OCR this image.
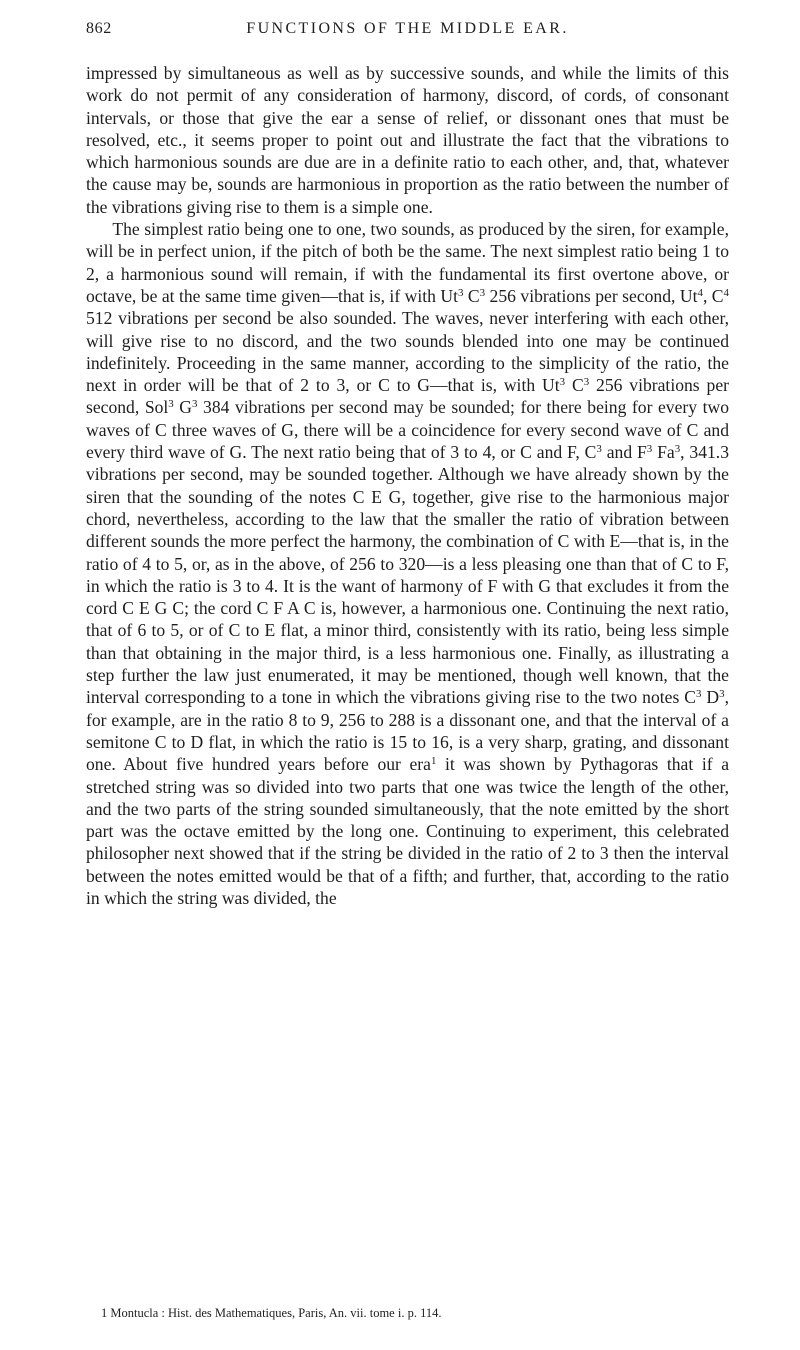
862	FUNCTIONS OF THE MIDDLE EAR.

impressed by simultaneous as well as by successive sounds, and while the limits of this work do not permit of any consideration of harmony, discord, of cords, of consonant intervals, or those that give the ear a sense of relief, or dissonant ones that must be resolved, etc., it seems proper to point out and illustrate the fact that the vibrations to which harmonious sounds are due are in a definite ratio to each other, and, that, whatever the cause may be, sounds are harmonious in proportion as the ratio between the number of the vibrations giving rise to them is a simple one.

The simplest ratio being one to one, two sounds, as produced by the siren, for example, will be in perfect union, if the pitch of both be the same. The next simplest ratio being 1 to 2, a harmonious sound will remain, if with the fundamental its first overtone above, or octave, be at the same time given—that is, if with Ut$^3$ $C^3$ 256 vibrations per second, Ut$^4$, $C^4$ 512 vibrations per second be also sounded. The waves, never interfering with each other, will give rise to no discord, and the two sounds blended into one may be continued indefinitely. Proceeding in the same manner, according to the simplicity of the ratio, the next in order will be that of 2 to 3, or C to G—that is, with Ut$^3$ $C^3$ 256 vibrations per second, Sol$^3$ $G^3$ 384 vibrations per second may be sounded; for there being for every two waves of C three waves of G, there will be a coincidence for every second wave of C and every third wave of G. The next ratio being that of 3 to 4, or C and F, $C^3$ and $F^3$ Fa$^3$, 341.3 vibrations per second, may be sounded together. Although we have already shown by the siren that the sounding of the notes C E G, together, give rise to the harmonious major chord, nevertheless, according to the law that the smaller the ratio of vibration between different sounds the more perfect the harmony, the combination of C with E—that is, in the ratio of 4 to 5, or, as in the above, of 256 to 320—is a less pleasing one than that of C to F, in which the ratio is 3 to 4. It is the want of harmony of F with G that excludes it from the cord C E G C; the cord C F A C is, however, a harmonious one. Continuing the next ratio, that of 6 to 5, or of C to E flat, a minor third, consistently with its ratio, being less simple than that obtaining in the major third, is a less harmonious one. Finally, as illustrating a step further the law just enumerated, it may be mentioned, though well known, that the interval corresponding to a tone in which the vibrations giving rise to the two notes $C^3$ $D^3$, for example, are in the ratio 8 to 9, 256 to 288 is a dissonant one, and that the interval of a semitone C to D flat, in which the ratio is 15 to 16, is a very sharp, grating, and dissonant one. About five hundred years before our era$^1$ it was shown by Pythagoras that if a stretched string was so divided into two parts that one was twice the length of the other, and the two parts of the string sounded simultaneously, that the note emitted by the short part was the octave emitted by the long one. Continuing to experiment, this celebrated philosopher next showed that if the string be divided in the ratio of 2 to 3 then the interval between the notes emitted would be that of a fifth; and further, that, according to the ratio in which the string was divided, the

1 Montucla : Hist. des Mathematiques, Paris, An. vii. tome i. p. 114.
